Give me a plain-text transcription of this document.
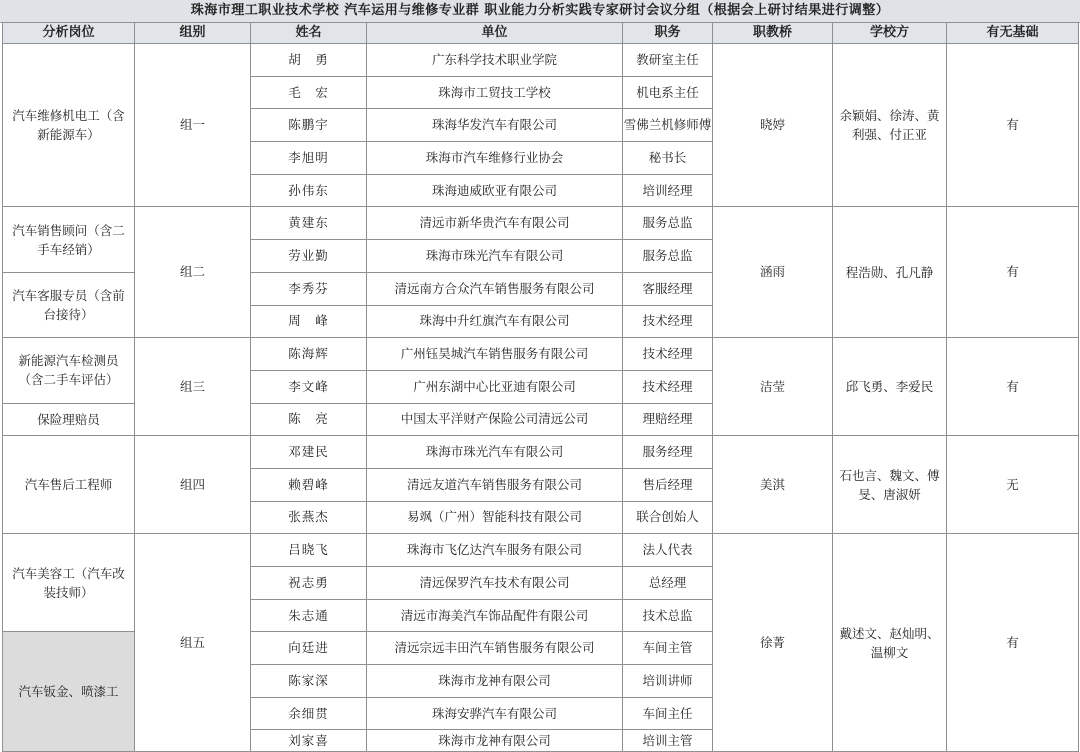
珠海市理工职业技术学校 汽车运用与维修专业群 职业能力分析实践专家研讨会议分组（根据会上研讨结果进行调整）
分析岗位	组别	姓名	单位	职务	职教桥	学校方	有无基础
汽车维修机电工（含新能源车）	组一	胡　勇	广东科学技术职业学院	教研室主任	晓婷	余颖娟、徐涛、黄利强、付正亚	有
		毛　宏	珠海市工贸技工学校	机电系主任			
		陈鹏宇	珠海华发汽车有限公司	雪佛兰机修师傅			
		李旭明	珠海市汽车维修行业协会	秘书长			
		孙伟东	珠海迪威欧亚有限公司	培训经理			
汽车销售顾问（含二手车经销）	组二	黄建东	清远市新华贵汽车有限公司	服务总监	涵雨	程浩勋、孔凡静	有
		劳业勤	珠海市珠光汽车有限公司	服务总监			
汽车客服专员（含前台接待）		李秀芬	清远南方合众汽车销售服务有限公司	客服经理			
		周　峰	珠海中升红旗汽车有限公司	技术经理			
新能源汽车检测员（含二手车评估）	组三	陈海辉	广州钰昊城汽车销售服务有限公司	技术经理	洁莹	邱飞勇、李爱民	有
		李文峰	广州东湖中心比亚迪有限公司	技术经理			
保险理赔员		陈　亮	中国太平洋财产保险公司清远公司	理赔经理			
汽车售后工程师	组四	邓建民	珠海市珠光汽车有限公司	服务经理	美淇	石也言、魏文、傅旻、唐淑妍	无
		赖碧峰	清远友道汽车销售服务有限公司	售后经理			
		张燕杰	易飒（广州）智能科技有限公司	联合创始人			
汽车美容工（汽车改装技师）	组五	吕晓飞	珠海市飞亿达汽车服务有限公司	法人代表	徐菁	戴述文、赵灿明、温柳文	有
		祝志勇	清远保罗汽车技术有限公司	总经理			
		朱志通	清远市海美汽车饰品配件有限公司	技术总监			
汽车钣金、喷漆工		向廷进	清远宗远丰田汽车销售服务有限公司	车间主管			
		陈家深	珠海市龙神有限公司	培训讲师			
		余细贯	珠海安骅汽车有限公司	车间主任			
		刘家喜	珠海市龙神有限公司	培训主管			
